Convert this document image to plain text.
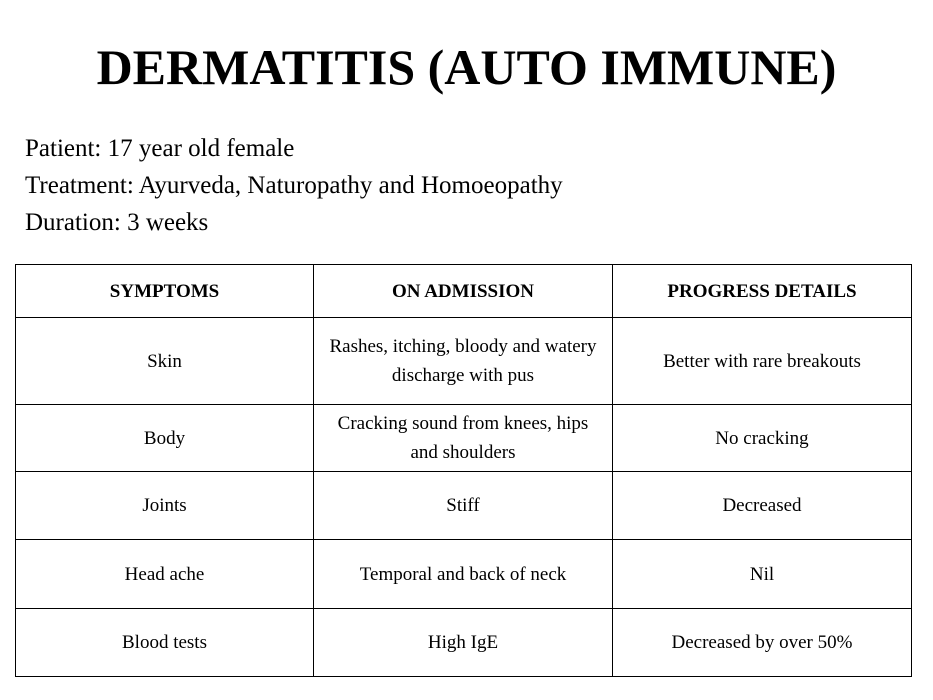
DERMATITIS (AUTO IMMUNE)
Patient: 17 year old female
Treatment: Ayurveda, Naturopathy and Homoeopathy
Duration: 3 weeks
SYMPTOMS	ON ADMISSION	PROGRESS DETAILS
Skin	Rashes, itching, bloody and watery discharge with pus	Better with rare breakouts
Body	Cracking sound from knees, hips and shoulders	No cracking
Joints	Stiff	Decreased
Head ache	Temporal and back of neck	Nil
Blood tests	High IgE	Decreased by over 50%
